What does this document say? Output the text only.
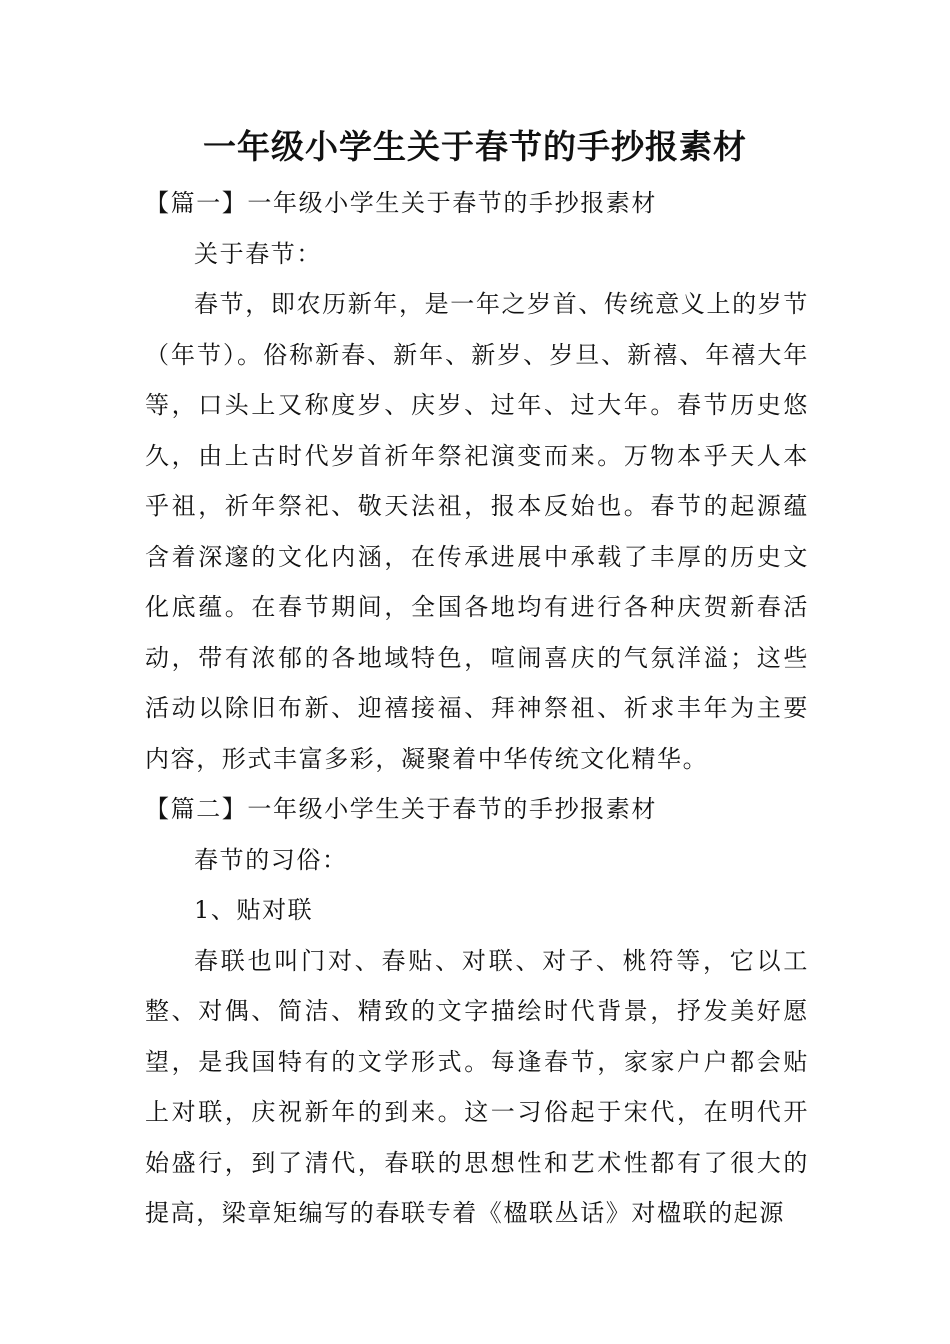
一年级小学生关于春节的手抄报素材

【篇一】一年级小学生关于春节的手抄报素材

关于春节：

春节，即农历新年，是一年之岁首、传统意义上的岁节（年节）。俗称新春、新年、新岁、岁旦、新禧、年禧大年等，口头上又称度岁、庆岁、过年、过大年。春节历史悠久，由上古时代岁首祈年祭祀演变而来。万物本乎天人本乎祖，祈年祭祀、敬天法祖，报本反始也。春节的起源蕴含着深邃的文化内涵，在传承进展中承载了丰厚的历史文化底蕴。在春节期间，全国各地均有进行各种庆贺新春活动，带有浓郁的各地域特色，喧闹喜庆的气氛洋溢；这些活动以除旧布新、迎禧接福、拜神祭祖、祈求丰年为主要内容，形式丰富多彩，凝聚着中华传统文化精华。

【篇二】一年级小学生关于春节的手抄报素材

春节的习俗：

1、贴对联

春联也叫门对、春贴、对联、对子、桃符等，它以工整、对偶、简洁、精致的文字描绘时代背景，抒发美好愿望，是我国特有的文学形式。每逢春节，家家户户都会贴上对联，庆祝新年的到来。这一习俗起于宋代，在明代开始盛行，到了清代，春联的思想性和艺术性都有了很大的提高，梁章矩编写的春联专着《楹联丛话》对楹联的起源
